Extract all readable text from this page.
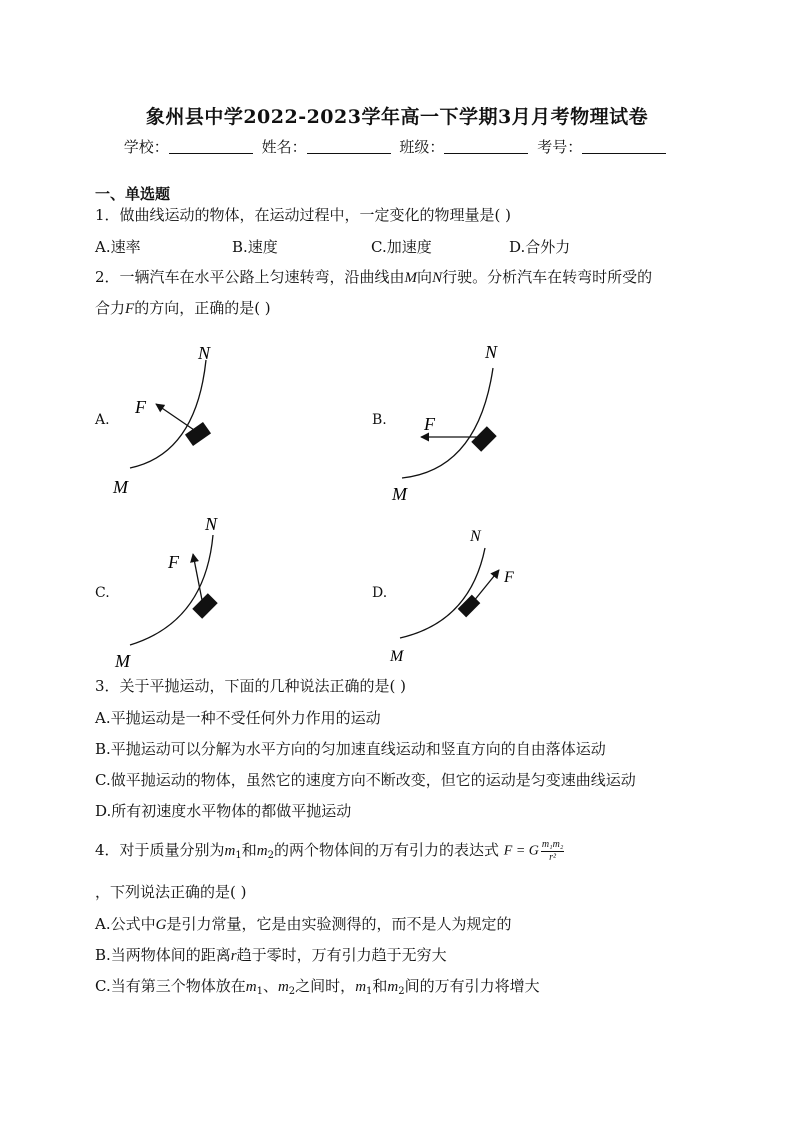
象州县中学2022-2023学年高一下学期3月月考物理试卷
学校：	姓名：	班级：	考号：
一、单选题
1．做曲线运动的物体，在运动过程中，一定变化的物理量是( )
A.速率	B.速度	C.加速度	D.合外力
2．一辆汽车在水平公路上匀速转弯，沿曲线由M向N行驶。分析汽车在转弯时所受的
合力F的方向，正确的是( )
A.	B.
C.	D.
N
F
M
N
F
M
N
F
M
N
F
M
3．关于平抛运动，下面的几种说法正确的是( )
A.平抛运动是一种不受任何外力作用的运动
B.平抛运动可以分解为水平方向的匀加速直线运动和竖直方向的自由落体运动
C.做平抛运动的物体，虽然它的速度方向不断改变，但它的运动是匀变速曲线运动
D.所有初速度水平物体的都做平抛运动
4．对于质量分别为$m_1$和$m_2$的两个物体间的万有引力的表达式 F = G $\frac{\text{m₁m₂}}{\text{r²}}$
，下列说法正确的是( )
A.公式中G是引力常量，它是由实验测得的，而不是人为规定的
B.当两物体间的距离r趋于零时，万有引力趋于无穷大
C.当有第三个物体放在$m_1$、$m_2$之间时，$m_1$和$m_2$间的万有引力将增大
